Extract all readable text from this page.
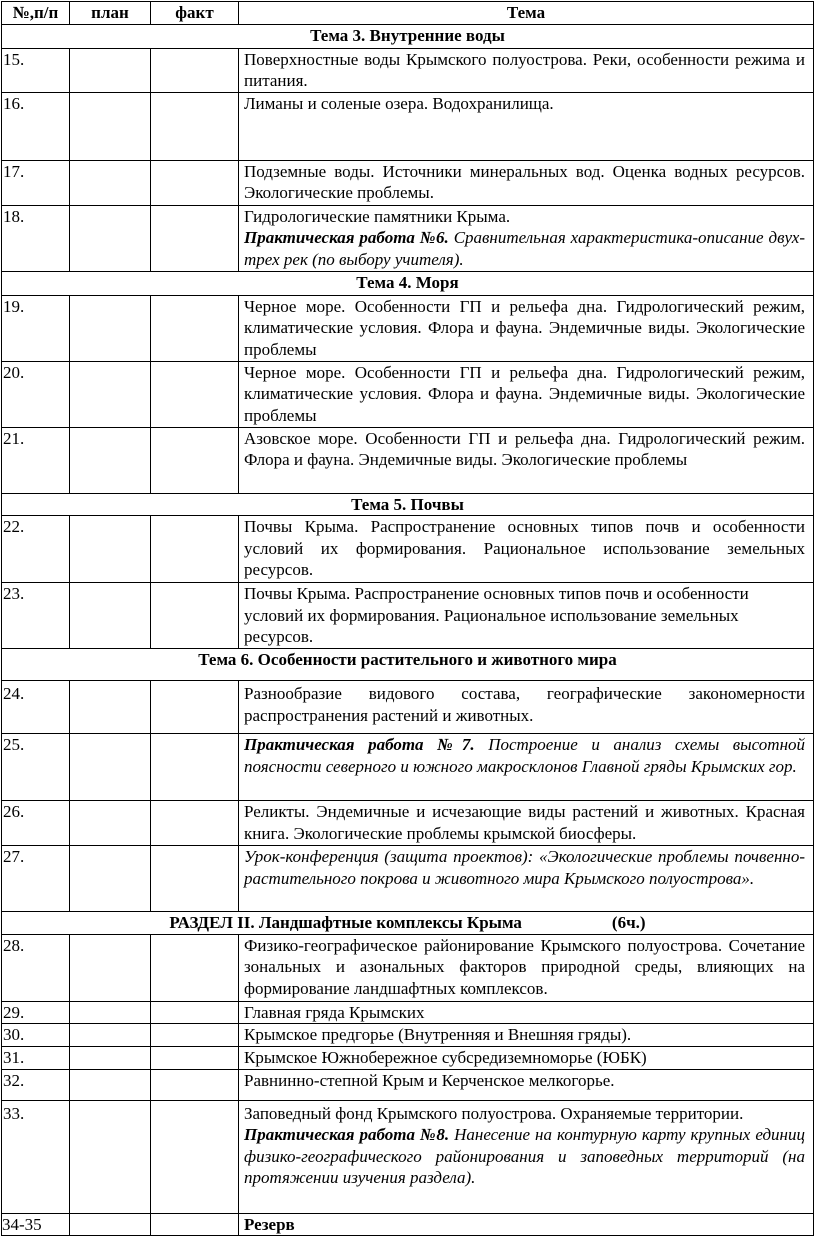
№,п/п	план	факт	Тема
Тема 3. Внутренние воды			
15.			Поверхностные воды Крымского полуострова. Реки, особенности режима и питания.
16.			Лиманы и соленые озера. Водохранилища.
17.			Подземные воды. Источники минеральных вод. Оценка водных ресурсов. Экологические проблемы.
18.			Гидрологические памятники Крыма.
Практическая работа №6. Сравнительная характеристика-описание двух-трех рек (по выбору учителя).

Тема 4. Моря			
19.			Черное море. Особенности ГП и рельефа дна. Гидрологический режим, климатические условия. Флора и фауна. Эндемичные виды. Экологические проблемы
20.			Черное море. Особенности ГП и рельефа дна. Гидрологический режим, климатические условия. Флора и фауна. Эндемичные виды. Экологические проблемы
21.			Азовское море. Особенности ГП и рельефа дна. Гидрологический режим. Флора и фауна. Эндемичные виды. Экологические проблемы
Тема 5. Почвы			
22.			Почвы Крыма. Распространение основных типов почв и особенности условий их формирования. Рациональное использование земельных ресурсов.
23.			Почвы Крыма. Распространение основных типов почв и особенности условий их формирования. Рациональное использование земельных ресурсов.
Тема 6. Особенности растительного и животного мира			
24.			Разнообразие видового состава, географические закономерности распространения растений и животных.
25.			Практическая работа №7. Построение и анализ схемы высотной поясности северного и южного макросклонов Главной гряды Крымских гор.
26.			Реликты. Эндемичные и исчезающие виды растений и животных. Красная книга. Экологические проблемы крымской биосферы.
27.			Урок-конференция (защита проектов): «Экологические проблемы почвенно-растительного покрова и животного мира Крымского полуострова».
РАЗДЕЛ II. Ландшафтные комплексы Крыма (6ч.)			
28.			Физико-географическое районирование Крымского полуострова. Сочетание зональных и азональных факторов природной среды, влияющих на формирование ландшафтных комплексов.
29.			Главная гряда Крымских
30.			Крымское предгорье (Внутренняя и Внешняя гряды).
31.			Крымское Южнобережное субсредиземноморье (ЮБК)
32.			Равнинно-степной Крым и Керченское мелкогорье.
33.			Заповедный фонд Крымского полуострова. Охраняемые территории.
Практическая работа №8. Нанесение на контурную карту крупных единиц физико-географического районирования и заповедных территорий (на протяжении изучения раздела).

34-35			Резерв
